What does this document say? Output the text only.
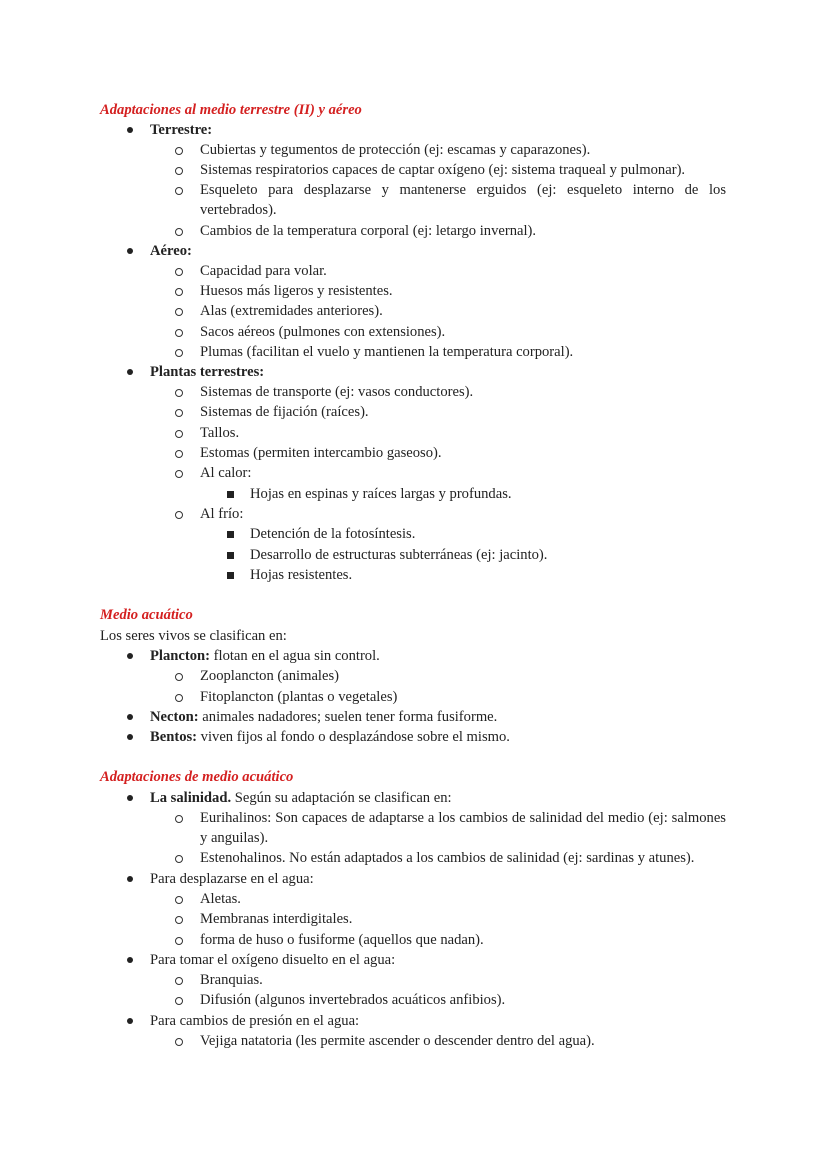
Adaptaciones al medio terrestre (II) y aéreo
Terrestre:
Cubiertas y tegumentos de protección (ej: escamas y caparazones).
Sistemas respiratorios capaces de captar oxígeno (ej: sistema traqueal y pulmonar).
Esqueleto para desplazarse y mantenerse erguidos (ej: esqueleto interno de los vertebrados).
Cambios de la temperatura corporal (ej: letargo invernal).
Aéreo:
Capacidad para volar.
Huesos más ligeros y resistentes.
Alas (extremidades anteriores).
Sacos aéreos (pulmones con extensiones).
Plumas (facilitan el vuelo y mantienen la temperatura corporal).
Plantas terrestres:
Sistemas de transporte (ej: vasos conductores).
Sistemas de fijación (raíces).
Tallos.
Estomas (permiten intercambio gaseoso).
Al calor:
Hojas en espinas y raíces largas y profundas.
Al frío:
Detención de la fotosíntesis.
Desarrollo de estructuras subterráneas (ej: jacinto).
Hojas resistentes.
Medio acuático
Los seres vivos se clasifican en:
Plancton: flotan en el agua sin control.
Zooplancton (animales)
Fitoplancton (plantas o vegetales)
Necton: animales nadadores; suelen tener forma fusiforme.
Bentos: viven fijos al fondo o desplazándose sobre el mismo.
Adaptaciones de medio acuático
La salinidad. Según su adaptación se clasifican en:
Eurihalinos: Son capaces de adaptarse a los cambios de salinidad del medio (ej: salmones y anguilas).
Estenohalinos. No están adaptados a los cambios de salinidad (ej: sardinas y atunes).
Para desplazarse en el agua:
Aletas.
Membranas interdigitales.
forma de huso o fusiforme (aquellos que nadan).
Para tomar el oxígeno disuelto en el agua:
Branquias.
Difusión (algunos invertebrados acuáticos anfibios).
Para cambios de presión en el agua:
Vejiga natatoria (les permite ascender o descender dentro del agua).
